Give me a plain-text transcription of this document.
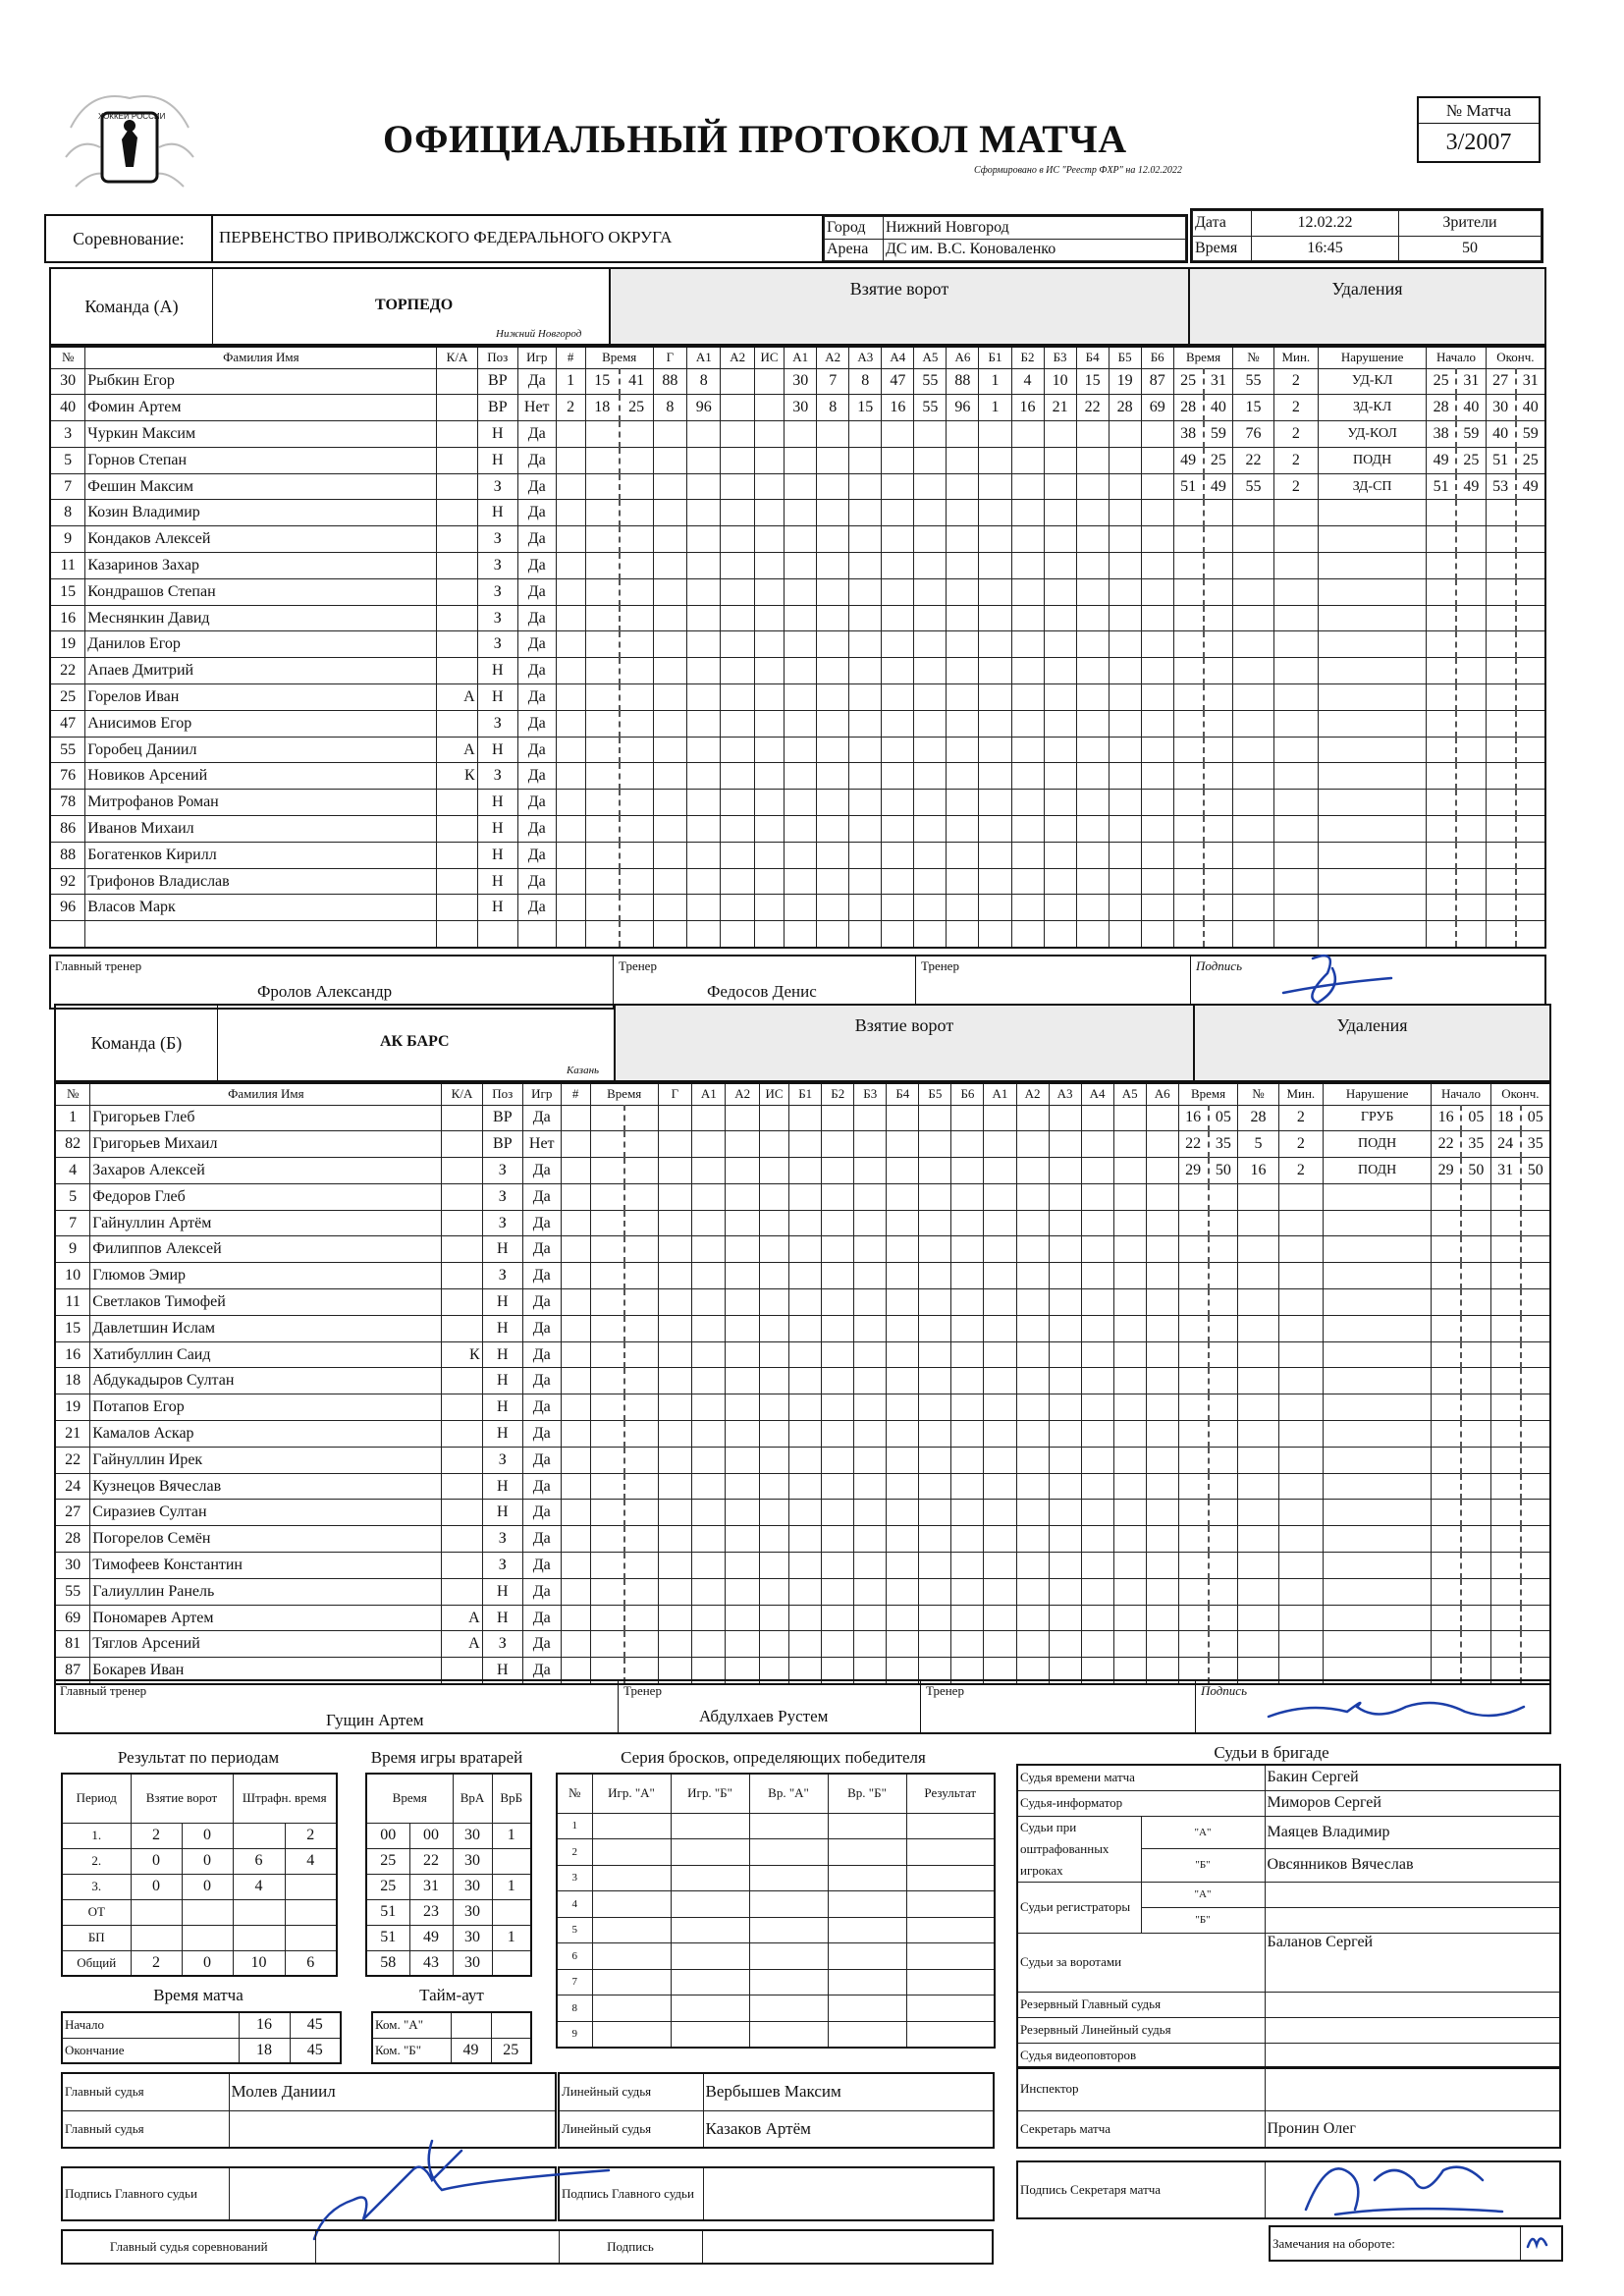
ХОККЕЙ РОССИИ
ОФИЦИАЛЬНЫЙ ПРОТОКОЛ МАТЧА
Сформировано в ИС "Реестр ФХР" на 12.02.2022
№ Матча
3/2007
Соревнование:	ПЕРВЕНСТВО ПРИВОЛЖСКОГО ФЕДЕРАЛЬНОГО ОКРУГА
Город	Нижний Новгород
Арена	ДС им. В.С. Коноваленко
Дата	12.02.22	Зрители
Время	16:45	50
Команда (А)	ТОРПЕДО
Нижний Новгород
Взятие ворот	Удаления
№	Фамилия Имя	К/А	Поз	Игр	#	Время		Г	А1	А2	ИС	А1	А2	А3	А4	А5	А6	Б1	Б2	Б3	Б4	Б5	Б6	Время		№	Мин.	Нарушение	Начало		Оконч.	
30	Рыбкин Егор		ВР	Да	1	15	41	88	8			30	7	8	47	55	88	1	4	10	15	19	87	25	31	55	2	УД-КЛ	25	31	27	31
40	Фомин Артем		ВР	Нет	2	18	25	8	96			30	8	15	16	55	96	1	16	21	22	28	69	28	40	15	2	ЗД-КЛ	28	40	30	40
3	Чуркин Максим		Н	Да																				38	59	76	2	УД-КОЛ	38	59	40	59
5	Горнов Степан		Н	Да																				49	25	22	2	ПОДН	49	25	51	25
7	Фешин Максим		З	Да																				51	49	55	2	ЗД-СП	51	49	53	49
8	Козин Владимир		Н	Да																												
9	Кондаков Алексей		З	Да																												
11	Казаринов Захар		З	Да																												
15	Кондрашов Степан		З	Да																												
16	Меснянкин Давид		З	Да																												
19	Данилов Егор		З	Да																												
22	Апаев Дмитрий		Н	Да																												
25	Горелов Иван	А	Н	Да																												
47	Анисимов Егор		З	Да																												
55	Горобец Даниил	А	Н	Да																												
76	Новиков Арсений	К	З	Да																												
78	Митрофанов Роман		Н	Да																												
86	Иванов Михаил		Н	Да																												
88	Богатенков Кирилл		Н	Да																												
92	Трифонов Владислав		Н	Да																												
96	Власов Марк		Н	Да																												

Главный тренер
Фролов Александр
Тренер
Федосов Денис
Тренер	Подпись
Команда (Б)	АК БАРС
Казань
Взятие ворот	Удаления
№	Фамилия Имя	К/А	Поз	Игр	#	Время		Г	А1	А2	ИС	Б1	Б2	Б3	Б4	Б5	Б6	А1	А2	А3	А4	А5	А6	Время		№	Мин.	Нарушение	Начало		Оконч.	
1	Григорьев Глеб		ВР	Да																				16	05	28	2	ГРУБ	16	05	18	05
82	Григорьев Михаил		ВР	Нет																				22	35	5	2	ПОДН	22	35	24	35
4	Захаров Алексей		З	Да																				29	50	16	2	ПОДН	29	50	31	50
5	Федоров Глеб		З	Да																												
7	Гайнуллин Артём		З	Да																												
9	Филиппов Алексей		Н	Да																												
10	Глюмов Эмир		З	Да																												
11	Светлаков Тимофей		Н	Да																												
15	Давлетшин Ислам		Н	Да																												
16	Хатибуллин Саид	К	Н	Да																												
18	Абдукадыров Султан		Н	Да																												
19	Потапов Егор		Н	Да																												
21	Камалов Аскар		Н	Да																												
22	Гайнуллин Ирек		З	Да																												
24	Кузнецов Вячеслав		Н	Да																												
27	Сиразиев Султан		Н	Да																												
28	Погорелов Семён		З	Да																												
30	Тимофеев Константин		З	Да																												
55	Галиуллин Ранель		Н	Да																												
69	Пономарев Артем	А	Н	Да																												
81	Тяглов Арсений	А	З	Да																												
87	Бокарев Иван		Н	Да																												
Главный тренер
Гущин Артем
Тренер
Абдулхаев Рустем
Тренер	Подпись
Результат по периодам
Период	Взятие ворот		Штрафн. время	
1.	2	0		2
2.	0	0	6	4
3.	0	0	4	
ОТ				
БП				
Общий	2	0	10	6
Время игры вратарей
Время		ВрА	ВрБ
00	00	30	1
25	22	30	
25	31	30	1
51	23	30	
51	49	30	1
58	43	30	
Время матча
Начало	16	45
Окончание	18	45
Тайм-аут
Ком. "А"		
Ком. "Б"	49	25
Серия бросков, определяющих победителя
№	Игр. "А"	Игр. "Б"	Вр. "А"	Вр. "Б"	Результат
1					
2					
3					
4					
5					
6					
7					
8					
9					
Судьи в бригаде
Судья времени матча		Бакин Сергей
Судья-информатор		Миморов Сергей
Судьи при оштрафованных игроках	"А"	Маяцев Владимир
	"Б"	Овсянников Вячеслав
Судьи регистраторы	"А"	
	"Б"	
Судьи за воротами		Баланов Сергей
Резервный Главный судья		
Резервный Линейный судья		
Судья видеоповторов		
Главный судья	Молев Даниил
Главный судья	
Линейный судья	Вербышев Максим
Линейный судья	Казаков Артём
Инспектор	
Секретарь матча	Пронин Олег
Подпись Главного судьи		Подпись Главного судьи		Подпись Секретаря матча	
Главный судья соревнований		Подпись		Замечания на обороте:	
